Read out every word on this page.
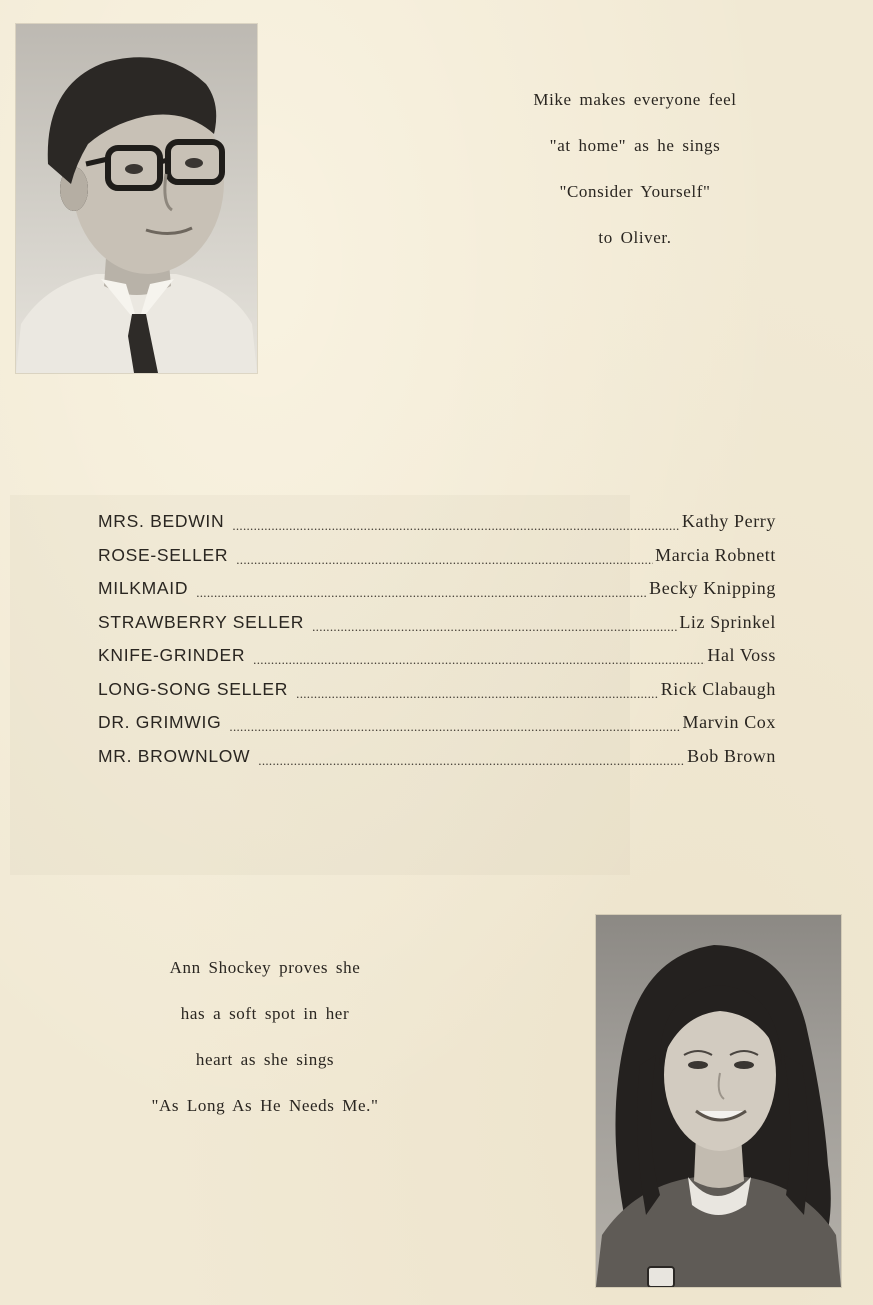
Mike makes everyone feel
"at home" as he sings
"Consider Yourself"
to Oliver.
MRS. BEDWIN .....	Kathy Perry
ROSE-SELLER .....	Marcia Robnett
MILKMAID .....	Becky Knipping
STRAWBERRY SELLER .....	Liz Sprinkel
KNIFE-GRINDER .....	Hal Voss
LONG-SONG SELLER .....	Rick Clabaugh
DR. GRIMWIG .....	Marvin Cox
MR. BROWNLOW .....	Bob Brown
Ann Shockey proves she
has a soft spot in her
heart as she sings
"As Long As He Needs Me."
